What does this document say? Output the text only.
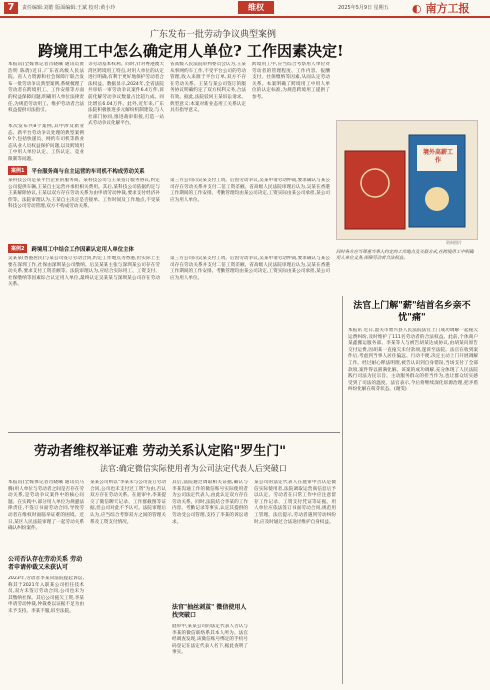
7	责任编辑:刘皓 版面编辑:王斌 校对:黄小玲	维权	2025年5月9日 星期五 ◐ 南方工报
广东发布一批劳动争议典型案例
跨境用工中怎么确定用人单位? 工作因素决定!
本报讯(全媒体记者肖晓曦 通讯员黄浩明 陈倩)近日,广东省高级人民法院、省人力资源和社会保障厅联合发布一批劳动争议典型案例,系统梳理了劳动者在跨境用工、工作安排等方面的权益保障问题,明确用人单位法律责任,为规范劳动用工、维护劳动者合法权益提供司法指引。
本次发布共8个案例,其中涉及新业态、新平台劳动争议处理的典型案例9个,包括快递员、网约车司机等新业态从业人员权益保护问题,以及跨境用工中用人单位认定、工伤认定、竞业限制等问题。
等劳动基本权利。同时,针对粤港澳大湾区跨境用工特点,对用人单位的认定进行明确,有利于更好地保护劳动者合法权益。数据显示,2024年,全省法院共审结一审劳动争议案件6.4万件,诉前化解劳动争议数量占比超九成。同比增长6.04万件。此外,近年来,广东法院积极推进多元解纷机制建设,与人社部门协同,推进裁审衔接,打造一站式劳动争议化解平台。
省高级人民法院审判委员会认为,王某从事网约车工作,不受平台公司的劳动管理,收入来源于平台订单,双方不存在劳动关系。王某与某公司签订的服务协议明确约定了双方权利义务,合法有效。据此,法院驳回王某诉讼请求。典型意义:本案对新业态用工关系认定具有指导意义。
跨境用工中,应当综合考察用人单位对劳动者的管理程度、工作内容、报酬支付、社保缴纳等因素,从而认定劳动关系。本案明确了跨境用工中用人单位的认定标准,为规范跨境用工提供了参考。
案例1	平台服务商与自主运营的车司机不构成劳动关系
某科技公司是某平台企业的服务商。某科技公司与王某签订服务协议,约定公司提供车辆,王某自主运营并承担相关费用。其后,某科技公司依据约定与王某解除协议,王某以双方存在劳动关系为由申请劳动仲裁,要求支付经济补偿等。法院审理认为,王某自主决定是否接单、工作时间及工作地点,不受某科技公司劳动管理,双方不构成劳动关系。
第三方公司向吴某支付工资。后因劳动争议,吴某申请劳动仲裁,要求确认与某公司存在劳动关系并支付二倍工资差额。省高级人民法院审理后认为,吴某在香港工作期间的工作安排、考勤管理均由某公司决定,工资实际由某公司承担,某公司应为用人单位。
案例2	跨境用工中结合工作因素认定用人单位主体
吴某某(香港居民)与某公司签订劳动合同,约定工作地点为香港,但实际上主要在深圳工作,社保由深圳某公司缴纳。后吴某某主张与深圳某公司存在劳动关系,要求支付工资差额等。法院审理认为,应结合实际用工、工资支付、社保缴纳等因素综合认定用人单位,最终认定吴某某与深圳某公司存在劳动关系。
第三方公司向吴某支付工资。后因劳动争议,吴某申请劳动仲裁,要求确认与某公司存在劳动关系并支付二倍工资差额。省高级人民法院审理后认为,吴某在香港工作期间的工作安排、考勤管理均由某公司决定,工资实际由某公司承担,某公司应为用人单位。
同时各方应当尊重当事人约定的工作地点及关联方式,在跨境用工中明确用人单位义务,保障劳动者合法权益。
境外高薪工作
资料图片
法官上门解"薪"结首名乡亲不忧"痛"
本报讯 近日,韶关市始兴县人民法院法官上门成功调解一起拖欠运费纠纷,及时维护了111名劳动者的合法权益。此前,个体商户某鑫搬运服务部、李某等人与被告胡某达成协议,由胡某向原告交付运费,因胡某一直拖欠未付款项,遂诉至法院。法官在收到案件后,考虑到当事人居住偏远、行动不便,决定主动上门开展调解工作。经过耐心释法明理,被告认识到自身错误,当场支付了全部款项,案件得以圆满化解。该案的成功调解,充分体现了人民法院践行司法为民宗旨、主动服务群众的担当作为,也让群众切实感受到了司法的温度。法官表示,今后将继续深化诉源治理,把矛盾纠纷化解在萌芽状态。(谢雯)
劳动者维权举证难 劳动关系认定陷"罗生门"
法官:确定微信实际使用者为公司法定代表人后突破口
本报讯(全媒体记者肖晓曦 通讯员马腾)用人单位与劳动者之间是否存在劳动关系,是劳动争议案件中的核心问题。在实践中,部分用人单位为规避法律责任,不签订书面劳动合同,导致劳动者在维权时面临举证难的困境。近日,某区人民法院审理了一起劳动关系确认纠纷案件。
公司否认存在劳动关系 劳动者申请仲裁又未获认可
2023年,劳动者李某向法院提起诉讼,称其于2021年入职某公司担任技术员,双方未签订劳动合同,公司也未为其缴纳社保。其后公司拖欠工资,李某申请劳动仲裁,仲裁委以证据不足为由未予支持。李某不服,诉至法院。
某某公司则以"李某未与公司签订劳动合同,公司也未支付过工资"为由,否认双方存在劳动关系。在庭审中,李某提交了微信聊天记录、工作群截图等证据,但公司对此不予认可。法院审理后认为,应当综合考察双方之间的管理关系及工资支付情况。
其后,法院通过调取相关证据,确认与李某沟通工作的微信账号实际使用者为公司法定代表人,由此认定双方存在劳动关系。同时,法院结合李某的工作内容、考勤记录等事实,认定其提供的劳动受公司管理,支持了李某的诉讼请求。
法官"抽丝剥茧" 微信使用人找突破口
庭审中,某某公司的法定代表人否认与李某的微信联络系其本人所为。法官经调查发现,该微信账号绑定的手机号码登记在法定代表人名下,据此查明了事实。
某公司的法定代表人在庭审中否认是微信实际使用者,法院调取运营商信息后予以认定。劳动者在日常工作中应注意留存工作记录、工资支付凭证等证据。用人单位应依法签订书面劳动合同,规范用工管理。法官提示,劳动者遇到劳动纠纷时,应及时通过合法途径维护自身权益。
